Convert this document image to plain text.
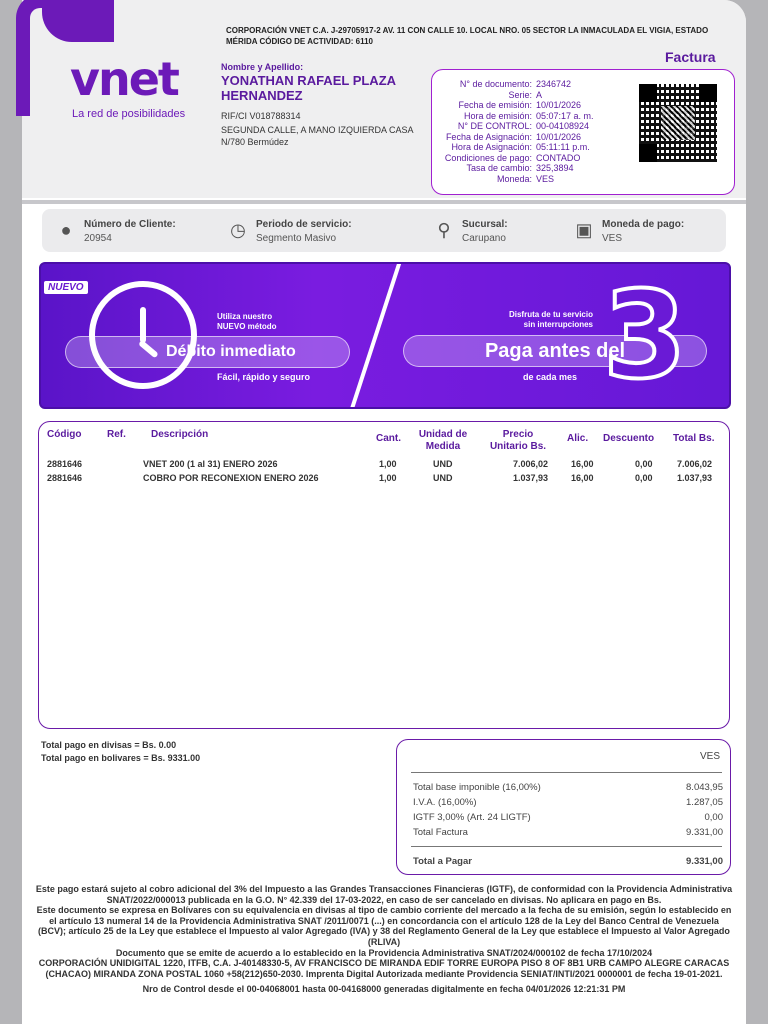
vnet
La red de posibilidades
CORPORACIÓN VNET C.A. J-29705917-2 AV. 11 CON CALLE 10. LOCAL NRO. 05 SECTOR LA INMACULADA EL VIGIA, ESTADO MÉRIDA CÓDIGO DE ACTIVIDAD: 6110
Factura
Nombre y Apellido:
YONATHAN RAFAEL PLAZA HERNANDEZ
RIF/CI V018788314
SEGUNDA CALLE, A MANO IZQUIERDA CASA N/780 Bermúdez
N° de documento: 2346742
Serie: A
Fecha de emisión: 10/01/2026
Hora de emisión: 05:07:17 a. m.
N° DE CONTROL: 00-04108924
Fecha de Asignación: 10/01/2026
Hora de Asignación: 05:11:11 p.m.
Condiciones de pago: CONTADO
Tasa de cambio: 325,3894
Moneda: VES
●	Número de Cliente:
20954	◷ Periodo de servicio:
Segmento Masivo	⚲	Sucursal:
Carupano	▣ Moneda de pago:
VES
NUEVO
Utiliza nuestro
NUEVO método
Débito inmediato
Fácil, rápido y seguro
Disfruta de tu servicio
sin interrupciones
Paga antes del
de cada mes 3
Código	Ref.	Descripción	Cant.	Unidad de
Medida
Precio
Unitario Bs.
Alic. Descuento Total Bs.
2881646	VNET 200 (1 al 31) ENERO 2026	1,00	UND	7.006,02	16,00	0,00	7.006,02
2881646	COBRO POR RECONEXION ENERO 2026	1,00	UND	1.037,93	16,00	0,00	1.037,93
Total pago en divisas = Bs. 0.00
Total pago en bolivares = Bs. 9331.00	VES
Total base imponible (16,00%)	8.043,95
I.V.A. (16,00%)	1.287,05
IGTF 3,00% (Art. 24 LIGTF)	0,00
Total Factura	9.331,00
Total a Pagar	9.331,00

Este pago estará sujeto al cobro adicional del 3% del Impuesto a las Grandes Transacciones Financieras (IGTF), de conformidad con la Providencia Administrativa SNAT/2022/000013 publicada en la G.O. N° 42.339 del 17-03-2022, en caso de ser cancelado en divisas. No aplicara en pago en Bs.

Este documento se expresa en Bolívares con su equivalencia en divisas al tipo de cambio corriente del mercado a la fecha de su emisión, según lo establecido en el artículo 13 numeral 14 de la Providencia Administrativa SNAT /2011/0071 (...) en concordancia con el artículo 128 de la Ley del Banco Central de Venezuela (BCV); artículo 25 de la Ley que establece el Impuesto al valor Agregado (IVA) y 38 del Reglamento General de la Ley que establece el Impuesto al Valor Agregado (RLIVA)

Documento que se emite de acuerdo a lo establecido en la Providencia Administrativa SNAT/2024/000102 de fecha 17/10/2024

CORPORACIÓN UNIDIGITAL 1220, ITFB, C.A. J-40148330-5, AV FRANCISCO DE MIRANDA EDIF TORRE EUROPA PISO 8 OF 8B1 URB CAMPO ALEGRE CARACAS (CHACAO) MIRANDA ZONA POSTAL 1060 +58(212)650-2030. Imprenta Digital Autorizada mediante Providencia SENIAT/INTI/2021 0000001 de fecha 19-01-2021.

Nro de Control desde el 00-04068001 hasta 00-04168000 generadas digitalmente en fecha 04/01/2026 12:21:31 PM
